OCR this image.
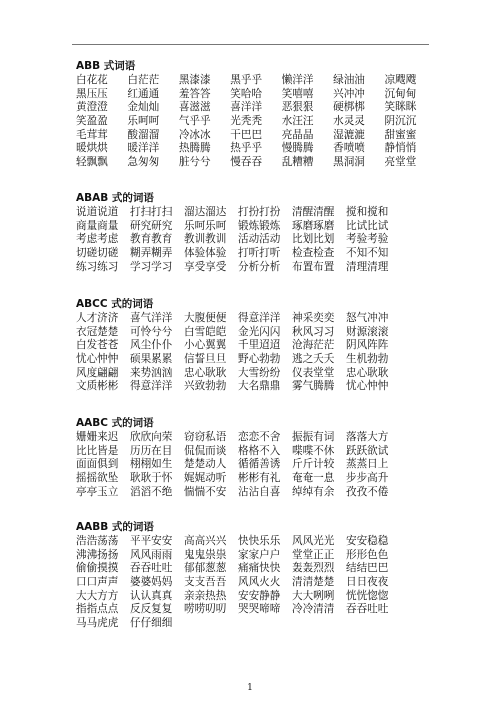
ABB 式词语
白花花	白茫茫	黑漆漆	黑乎乎	懒洋洋	绿油油	凉飕飕
黑压压	红通通	羞答答	笑哈哈	笑嘻嘻	兴冲冲	沉甸甸
黄澄澄	金灿灿	喜滋滋	喜洋洋	恶狠狠	硬梆梆	笑眯眯
笑盈盈	乐呵呵	气乎乎	光秃秃	水汪汪	水灵灵	阴沉沉
毛茸茸	酸溜溜	冷冰冰	干巴巴	亮晶晶	湿漉漉	甜蜜蜜
暖烘烘	暖洋洋	热腾腾	热乎乎	慢腾腾	香喷喷	静悄悄
轻飘飘	急匆匆	脏兮兮	慢吞吞	乱糟糟	黑洞洞	亮堂堂
ABAB 式的词语
说道说道	打扫打扫	溜达溜达	打扮打扮	清醒清醒	搅和搅和
商量商量	研究研究	乐呵乐呵	锻炼锻炼	琢磨琢磨	比试比试
考虑考虑	教育教育	教训教训	活动活动	比划比划	考验考验
切磋切磋	糊弄糊弄	体验体验	打听打听	检查检查	不知不知
练习练习	学习学习	享受享受	分析分析	布置布置	清理清理
ABCC 式的词语
人才济济	喜气洋洋	大腹便便	得意洋洋	神采奕奕	怒气冲冲
衣冠楚楚	可怜兮兮	白雪皑皑	金光闪闪	秋风习习	财源滚滚
白发苍苍	风尘仆仆	小心翼翼	千里迢迢	沧海茫茫	阴风阵阵
忧心忡忡	硕果累累	信誓旦旦	野心勃勃	逃之夭夭	生机勃勃
风度翩翩	来势汹汹	忠心耿耿	大雪纷纷	仪表堂堂	忠心耿耿
文质彬彬	得意洋洋	兴致勃勃	大名鼎鼎	雾气腾腾	忧心忡忡
AABC 式的词语
姗姗来迟	欣欣向荣	窃窃私语	恋恋不舍	振振有词	落落大方
比比皆是	历历在目	侃侃而谈	格格不入	喋喋不休	跃跃欲试
面面俱到	栩栩如生	楚楚动人	循循善诱	斤斤计较	蒸蒸日上
摇摇欲坠	耿耿于怀	娓娓动听	彬彬有礼	奄奄一息	步步高升
亭亭玉立	滔滔不绝	惴惴不安	沾沾自喜	绰绰有余	孜孜不倦
AABB 式的词语
浩浩荡荡	平平安安	高高兴兴	快快乐乐	风风光光	安安稳稳
沸沸扬扬	风风雨雨	鬼鬼祟祟	家家户户	堂堂正正	形形色色
偷偷摸摸	吞吞吐吐	郁郁葱葱	痛痛快快	轰轰烈烈	结结巴巴
口口声声	婆婆妈妈	支支吾吾	风风火火	清清楚楚	日日夜夜
大大方方	认认真真	亲亲热热	安安静静	大大咧咧	恍恍惚惚
指指点点	反反复复	唠唠叨叨	哭哭啼啼	冷冷清清	吞吞吐吐
马马虎虎	仔仔细细
1
